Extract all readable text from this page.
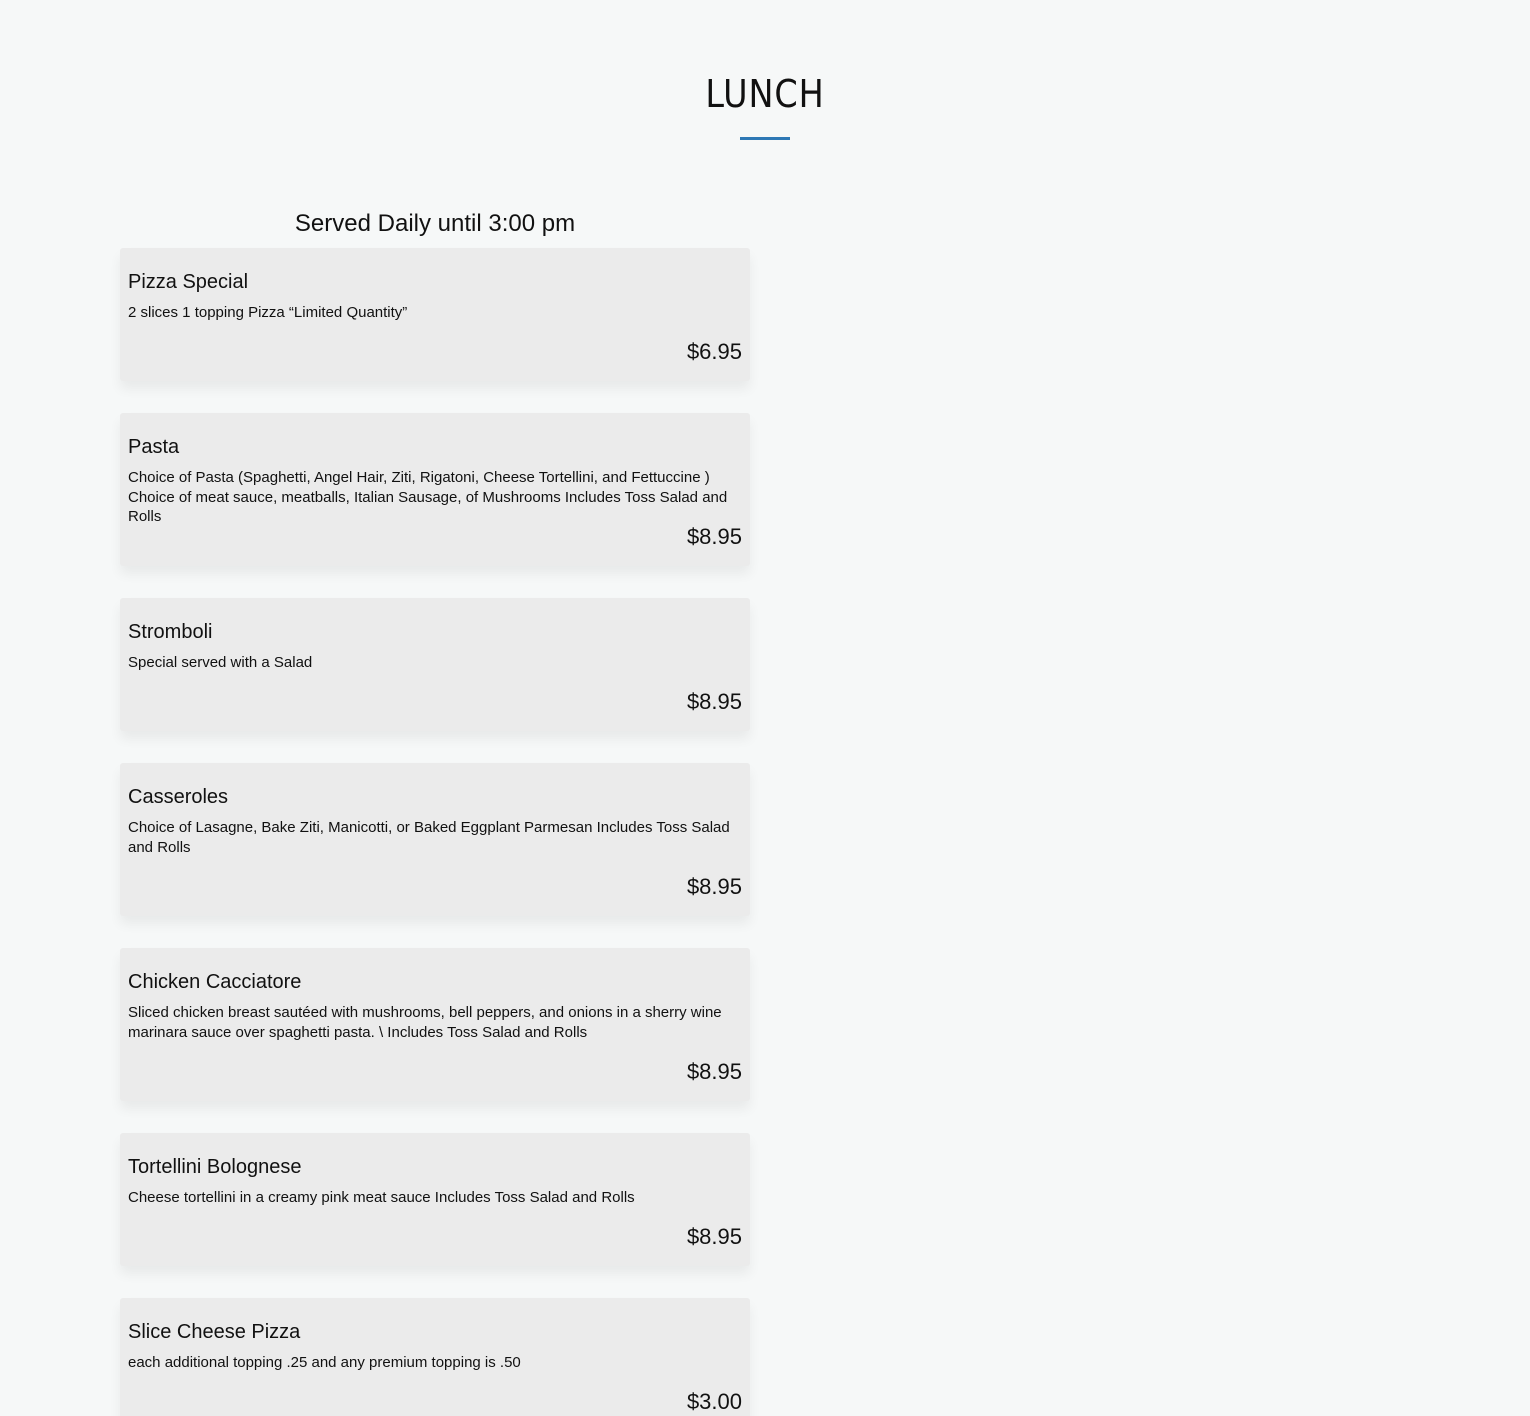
LUNCH
Served Daily until 3:00 pm
Pizza Special

2 slices 1 topping Pizza “Limited Quantity”

$6.95

Pasta

Choice of Pasta (Spaghetti, Angel Hair, Ziti, Rigatoni, Cheese Tortellini, and Fettuccine ) Choice of meat sauce, meatballs, Italian Sausage, of Mushrooms Includes Toss Salad and Rolls

$8.95

Stromboli

Special served with a Salad

$8.95

Casseroles

Choice of Lasagne, Bake Ziti, Manicotti, or Baked Eggplant Parmesan Includes Toss Salad and Rolls

$8.95

Chicken Cacciatore

Sliced chicken breast sautéed with mushrooms, bell peppers, and onions in a sherry wine marinara sauce over spaghetti pasta. \ Includes Toss Salad and Rolls

$8.95

Tortellini Bolognese

Cheese tortellini in a creamy pink meat sauce Includes Toss Salad and Rolls

$8.95

Slice Cheese Pizza

each additional topping .25 and any premium topping is .50

$3.00
